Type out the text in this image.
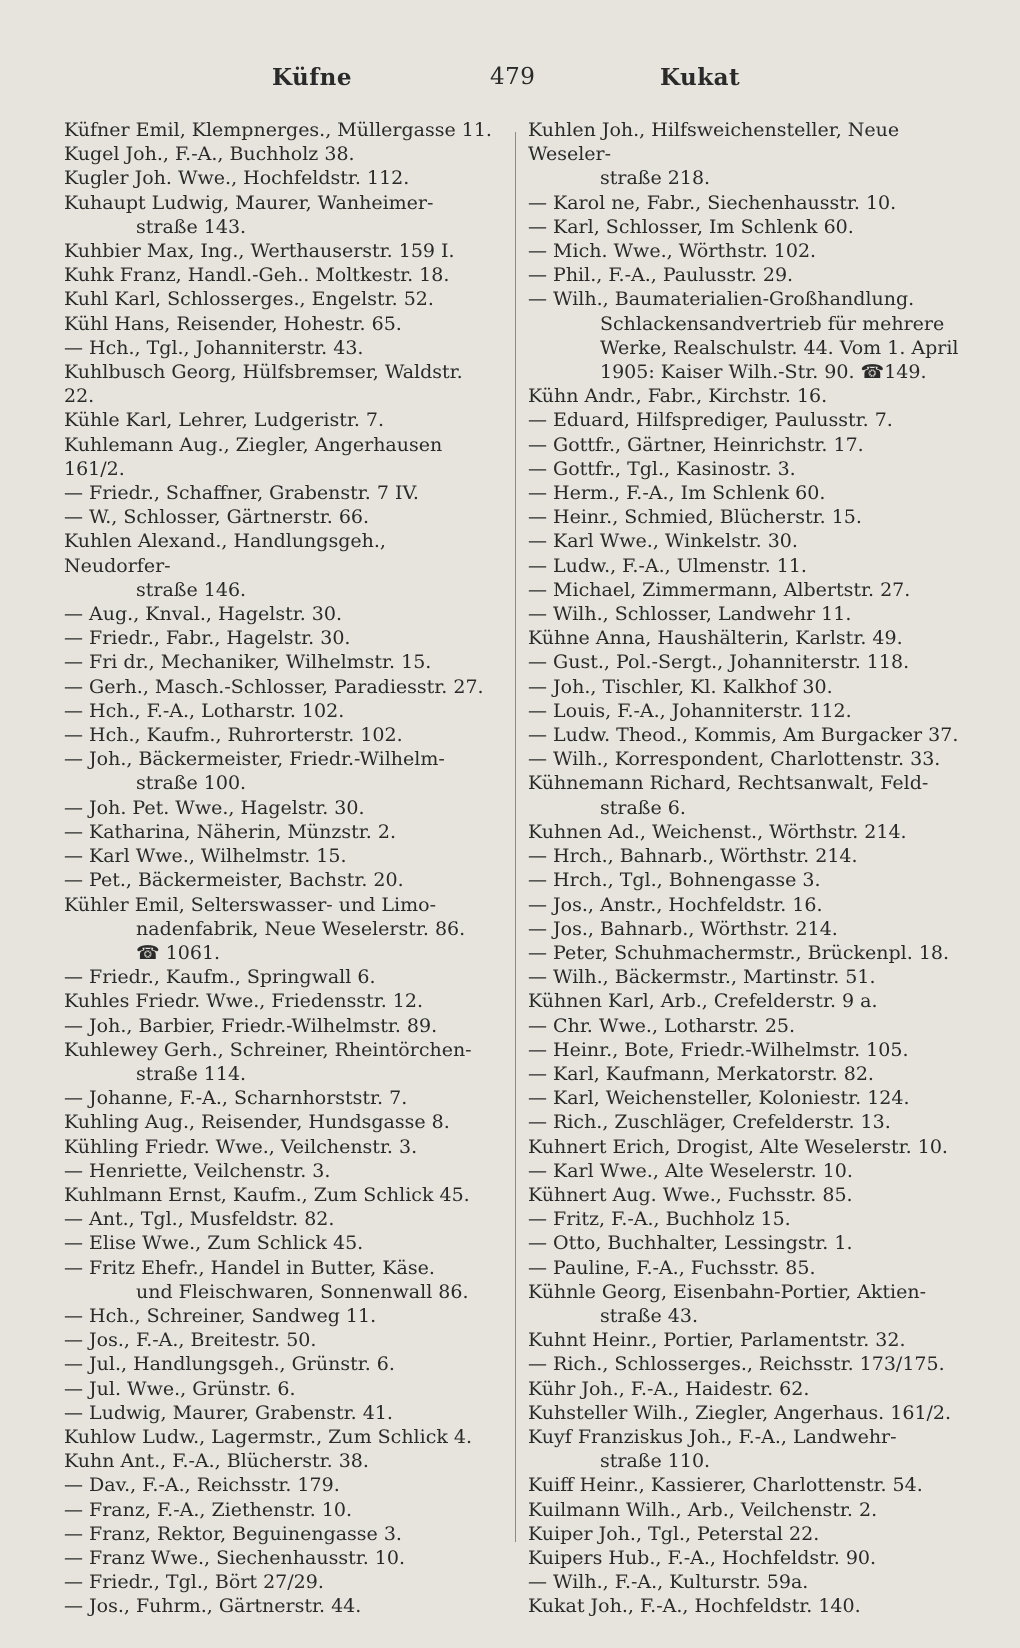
Küfne	479	Kukat
Küfner Emil, Klempnerges., Müllergasse 11.
Kugel Joh., F.-A., Buchholz 38.
Kugler Joh. Wwe., Hochfeldstr. 112.
Kuhaupt Ludwig, Maurer, Wanheimer-
straße 143.
Kuhbier Max, Ing., Werthauserstr. 159 I.
Kuhk Franz, Handl.-Geh.. Moltkestr. 18.
Kuhl Karl, Schlosserges., Engelstr. 52.
Kühl Hans, Reisender, Hohestr. 65.
— Hch., Tgl., Johanniterstr. 43.
Kuhlbusch Georg, Hülfsbremser, Waldstr. 22.
Kühle Karl, Lehrer, Ludgeristr. 7.
Kuhlemann Aug., Ziegler, Angerhausen 161/2.
— Friedr., Schaffner, Grabenstr. 7 IV.
— W., Schlosser, Gärtnerstr. 66.
Kuhlen Alexand., Handlungsgeh., Neudorfer-
straße 146.
— Aug., Knval., Hagelstr. 30.
— Friedr., Fabr., Hagelstr. 30.
— Fri dr., Mechaniker, Wilhelmstr. 15.
— Gerh., Masch.-Schlosser, Paradiesstr. 27.
— Hch., F.-A., Lotharstr. 102.
— Hch., Kaufm., Ruhrorterstr. 102.
— Joh., Bäckermeister, Friedr.-Wilhelm-
straße 100.
— Joh. Pet. Wwe., Hagelstr. 30.
— Katharina, Näherin, Münzstr. 2.
— Karl Wwe., Wilhelmstr. 15.
— Pet., Bäckermeister, Bachstr. 20.
Kühler Emil, Selterswasser- und Limo-
nadenfabrik, Neue Weselerstr. 86.
☎ 1061.
— Friedr., Kaufm., Springwall 6.
Kuhles Friedr. Wwe., Friedensstr. 12.
— Joh., Barbier, Friedr.-Wilhelmstr. 89.
Kuhlewey Gerh., Schreiner, Rheintörchen-
straße 114.
— Johanne, F.-A., Scharnhorststr. 7.
Kuhling Aug., Reisender, Hundsgasse 8.
Kühling Friedr. Wwe., Veilchenstr. 3.
— Henriette, Veilchenstr. 3.
Kuhlmann Ernst, Kaufm., Zum Schlick 45.
— Ant., Tgl., Musfeldstr. 82.
— Elise Wwe., Zum Schlick 45.
— Fritz Ehefr., Handel in Butter, Käse.
und Fleischwaren, Sonnenwall 86.
— Hch., Schreiner, Sandweg 11.
— Jos., F.-A., Breitestr. 50.
— Jul., Handlungsgeh., Grünstr. 6.
— Jul. Wwe., Grünstr. 6.
— Ludwig, Maurer, Grabenstr. 41.
Kuhlow Ludw., Lagermstr., Zum Schlick 4.
Kuhn Ant., F.-A., Blücherstr. 38.
— Dav., F.-A., Reichsstr. 179.
— Franz, F.-A., Ziethenstr. 10.
— Franz, Rektor, Beguinengasse 3.
— Franz Wwe., Siechenhausstr. 10.
— Friedr., Tgl., Bört 27/29.
— Jos., Fuhrm., Gärtnerstr. 44.
Kuhlen Joh., Hilfsweichensteller, Neue Weseler-
straße 218.
— Karol ne, Fabr., Siechenhausstr. 10.
— Karl, Schlosser, Im Schlenk 60.
— Mich. Wwe., Wörthstr. 102.
— Phil., F.-A., Paulusstr. 29.
— Wilh., Baumaterialien-Großhandlung.
Schlackensandvertrieb für mehrere
Werke, Realschulstr. 44. Vom 1. April
1905: Kaiser Wilh.-Str. 90. ☎149.
Kühn Andr., Fabr., Kirchstr. 16.
— Eduard, Hilfsprediger, Paulusstr. 7.
— Gottfr., Gärtner, Heinrichstr. 17.
— Gottfr., Tgl., Kasinostr. 3.
— Herm., F.-A., Im Schlenk 60.
— Heinr., Schmied, Blücherstr. 15.
— Karl Wwe., Winkelstr. 30.
— Ludw., F.-A., Ulmenstr. 11.
— Michael, Zimmermann, Albertstr. 27.
— Wilh., Schlosser, Landwehr 11.
Kühne Anna, Haushälterin, Karlstr. 49.
— Gust., Pol.-Sergt., Johanniterstr. 118.
— Joh., Tischler, Kl. Kalkhof 30.
— Louis, F.-A., Johanniterstr. 112.
— Ludw. Theod., Kommis, Am Burgacker 37.
— Wilh., Korrespondent, Charlottenstr. 33.
Kühnemann Richard, Rechtsanwalt, Feld-
straße 6.
Kuhnen Ad., Weichenst., Wörthstr. 214.
— Hrch., Bahnarb., Wörthstr. 214.
— Hrch., Tgl., Bohnengasse 3.
— Jos., Anstr., Hochfeldstr. 16.
— Jos., Bahnarb., Wörthstr. 214.
— Peter, Schuhmachermstr., Brückenpl. 18.
— Wilh., Bäckermstr., Martinstr. 51.
Kühnen Karl, Arb., Crefelderstr. 9 a.
— Chr. Wwe., Lotharstr. 25.
— Heinr., Bote, Friedr.-Wilhelmstr. 105.
— Karl, Kaufmann, Merkatorstr. 82.
— Karl, Weichensteller, Koloniestr. 124.
— Rich., Zuschläger, Crefelderstr. 13.
Kuhnert Erich, Drogist, Alte Weselerstr. 10.
— Karl Wwe., Alte Weselerstr. 10.
Kühnert Aug. Wwe., Fuchsstr. 85.
— Fritz, F.-A., Buchholz 15.
— Otto, Buchhalter, Lessingstr. 1.
— Pauline, F.-A., Fuchsstr. 85.
Kühnle Georg, Eisenbahn-Portier, Aktien-
straße 43.
Kuhnt Heinr., Portier, Parlamentstr. 32.
— Rich., Schlosserges., Reichsstr. 173/175.
Kühr Joh., F.-A., Haidestr. 62.
Kuhsteller Wilh., Ziegler, Angerhaus. 161/2.
Kuyf Franziskus Joh., F.-A., Landwehr-
straße 110.
Kuiff Heinr., Kassierer, Charlottenstr. 54.
Kuilmann Wilh., Arb., Veilchenstr. 2.
Kuiper Joh., Tgl., Peterstal 22.
Kuipers Hub., F.-A., Hochfeldstr. 90.
— Wilh., F.-A., Kulturstr. 59a.
Kukat Joh., F.-A., Hochfeldstr. 140.
